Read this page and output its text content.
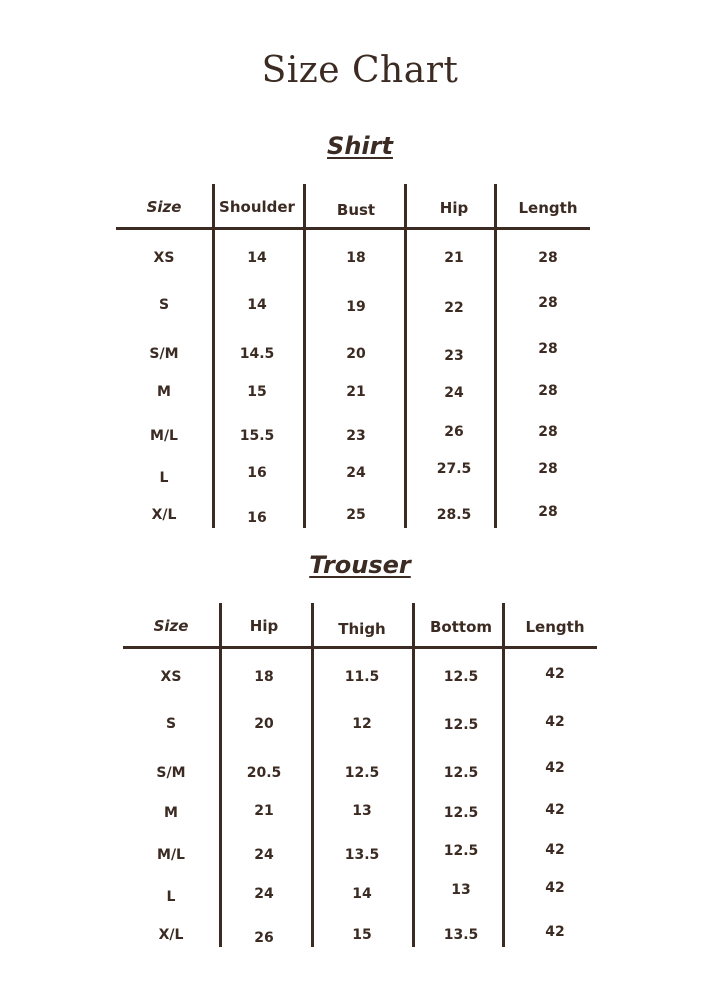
Size Chart
Shirt
Size	Shoulder	Bust	Hip	Length
XS	14	18	21	28
S	14	19	22	28
S/M	14.5	20	23	28
M	15	21	24	28
M/L	15.5	23	26	28
L	16	24	27.5	28
X/L	16	25	28.5	28
Trouser
Size	Hip	Thigh	Bottom	Length
XS	18	11.5	12.5	42
S	20	12	12.5	42
S/M	20.5	12.5	12.5	42
M	21	13	12.5	42
M/L	24	13.5	12.5	42
L	24	14	13	42
X/L	26	15	13.5	42
